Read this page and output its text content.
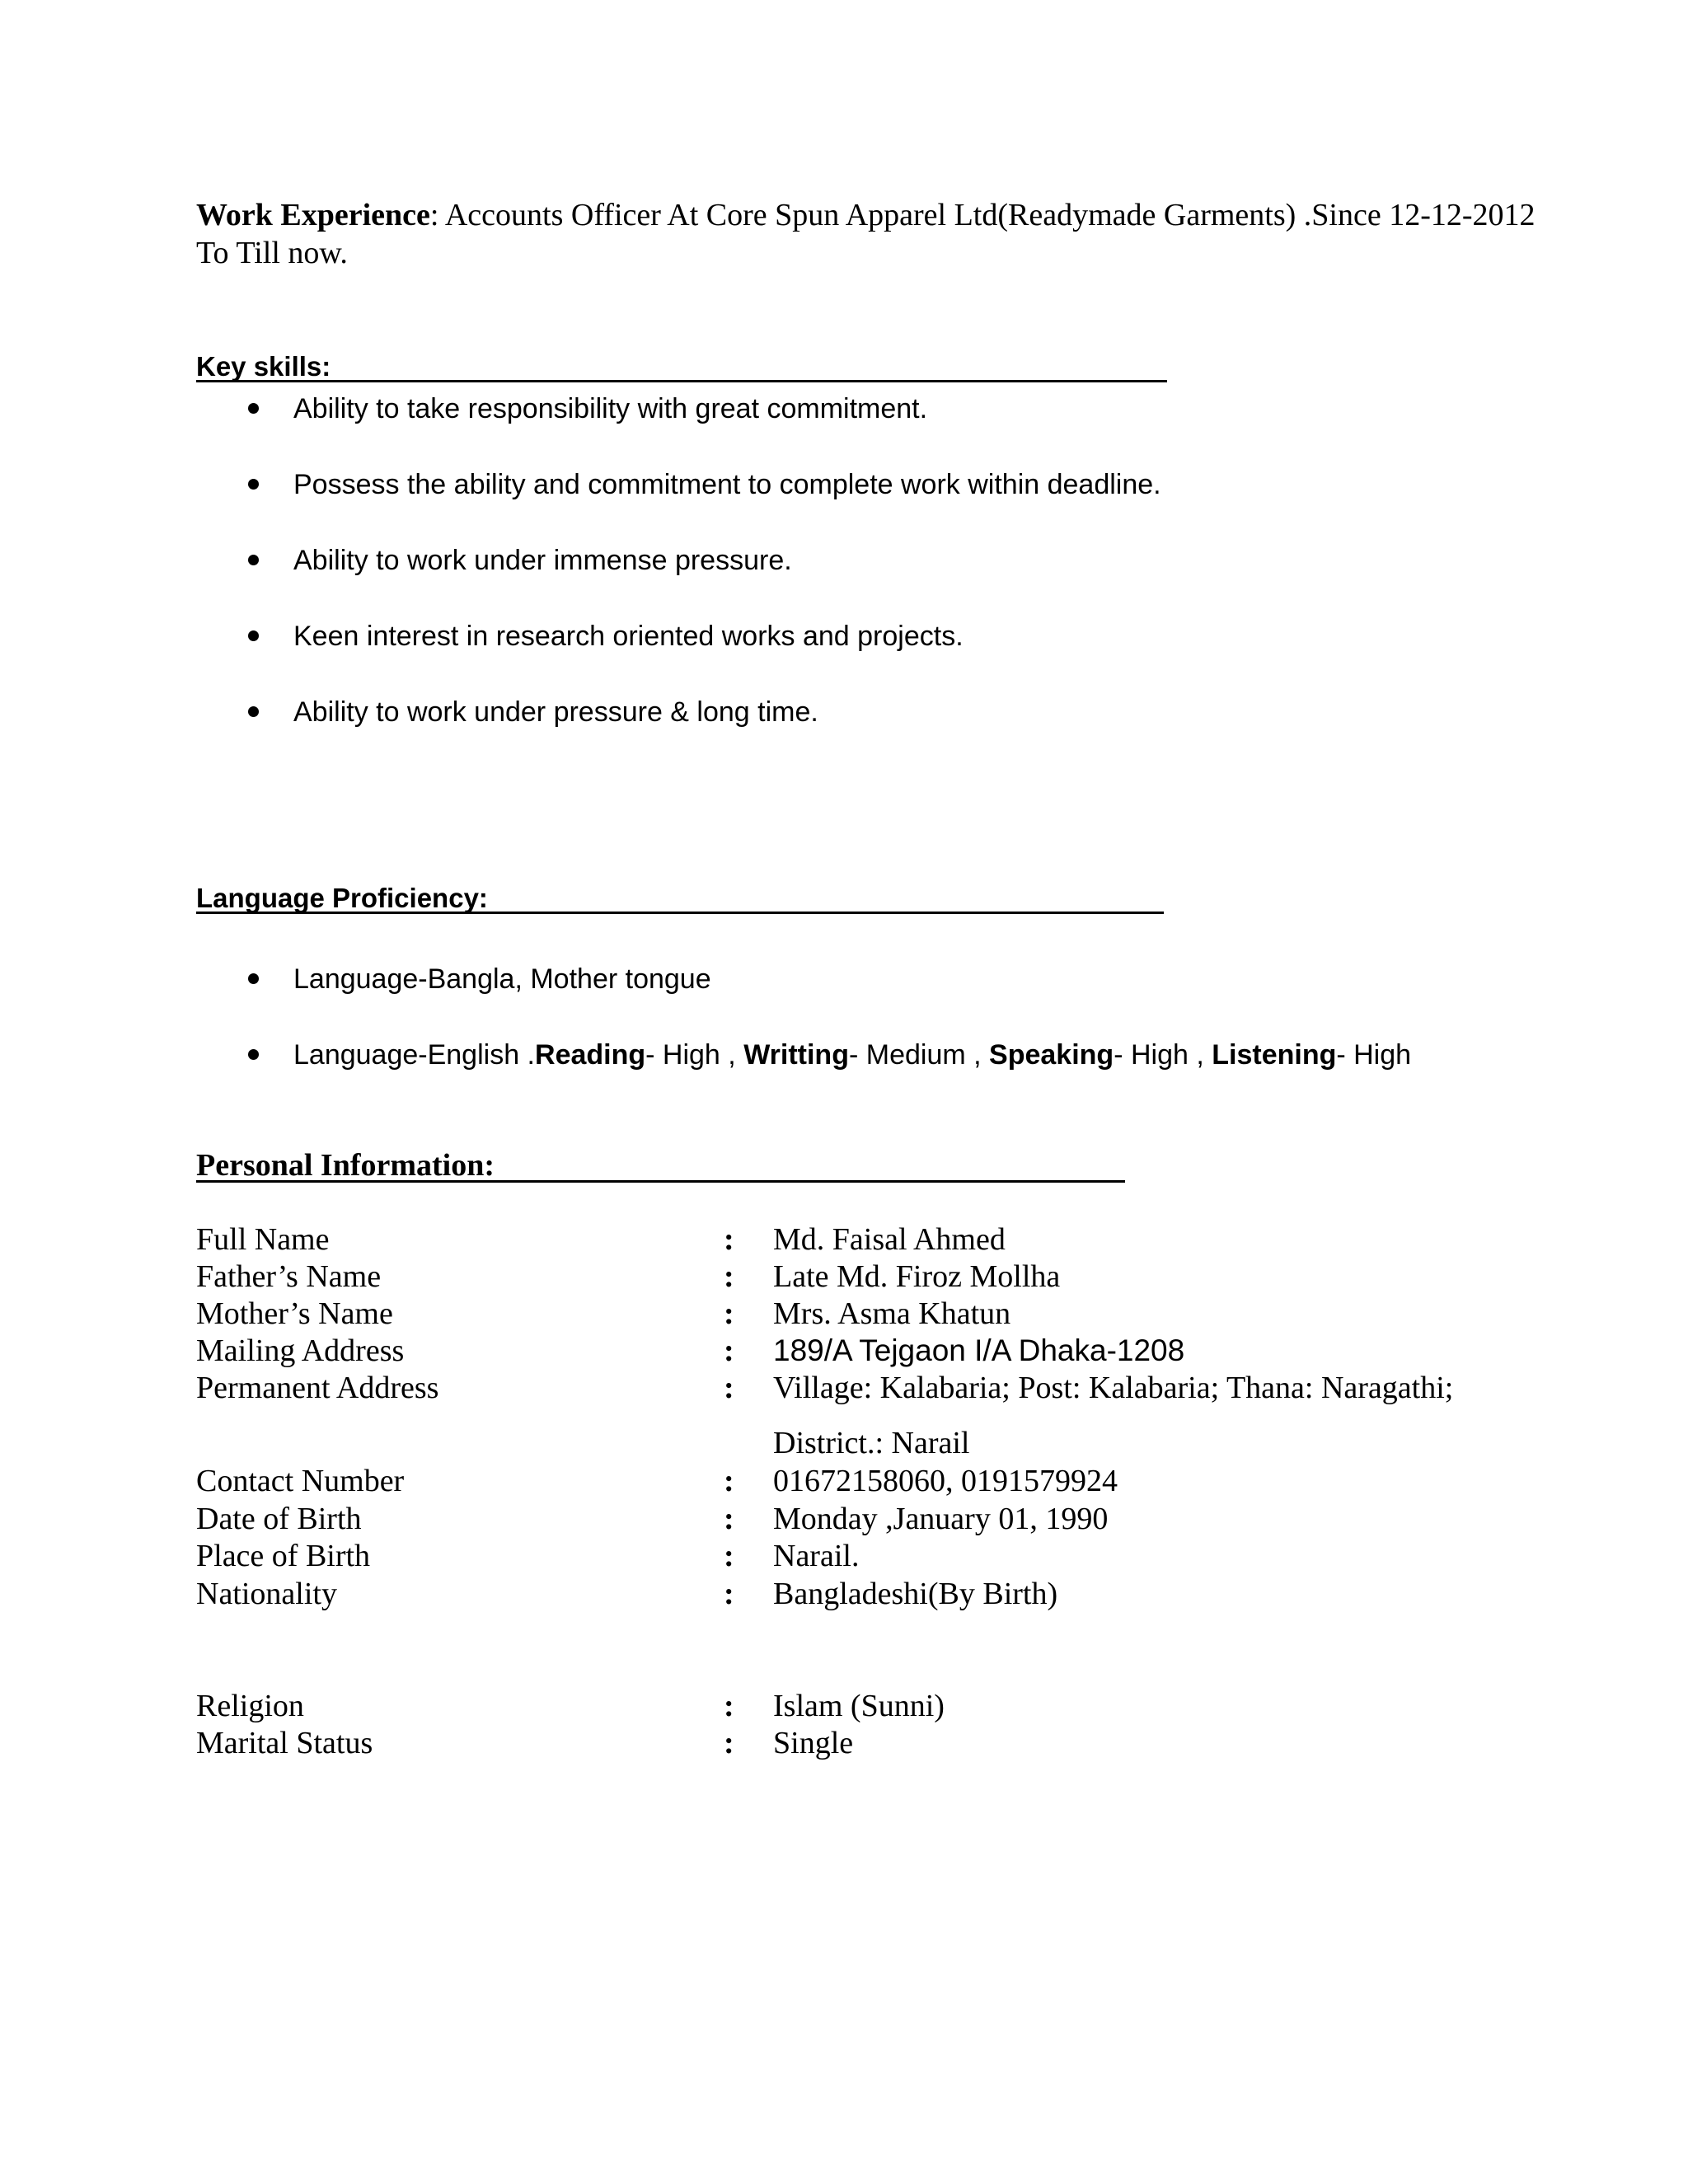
Work Experience: Accounts Officer At Core Spun Apparel Ltd(Readymade Garments) .Since 12-12-2012 To Till now.
Key skills:
Ability to take responsibility with great commitment.
Possess the ability and commitment to complete work within deadline.
Ability to work under immense pressure.
Keen interest in research oriented works and projects.
Ability to work under pressure & long time.
Language Proficiency:
Language-Bangla, Mother tongue
Language-English .Reading- High , Writting- Medium , Speaking- High , Listening- High
Personal Information:
Full Name	: Md. Faisal Ahmed
Father’s Name	: Late Md. Firoz Mollha
Mother’s Name	: Mrs. Asma Khatun
Mailing Address	: 189/A Tejgaon I/A Dhaka-1208
Permanent Address	: Village: Kalabaria; Post: Kalabaria; Thana: Naragathi;
District.: Narail
Contact Number	: 01672158060, 0191579924
Date of Birth	: Monday ,January 01, 1990
Place of Birth	: Narail.
Nationality	: Bangladeshi(By Birth)
Religion	: Islam (Sunni)
Marital Status	: Single
